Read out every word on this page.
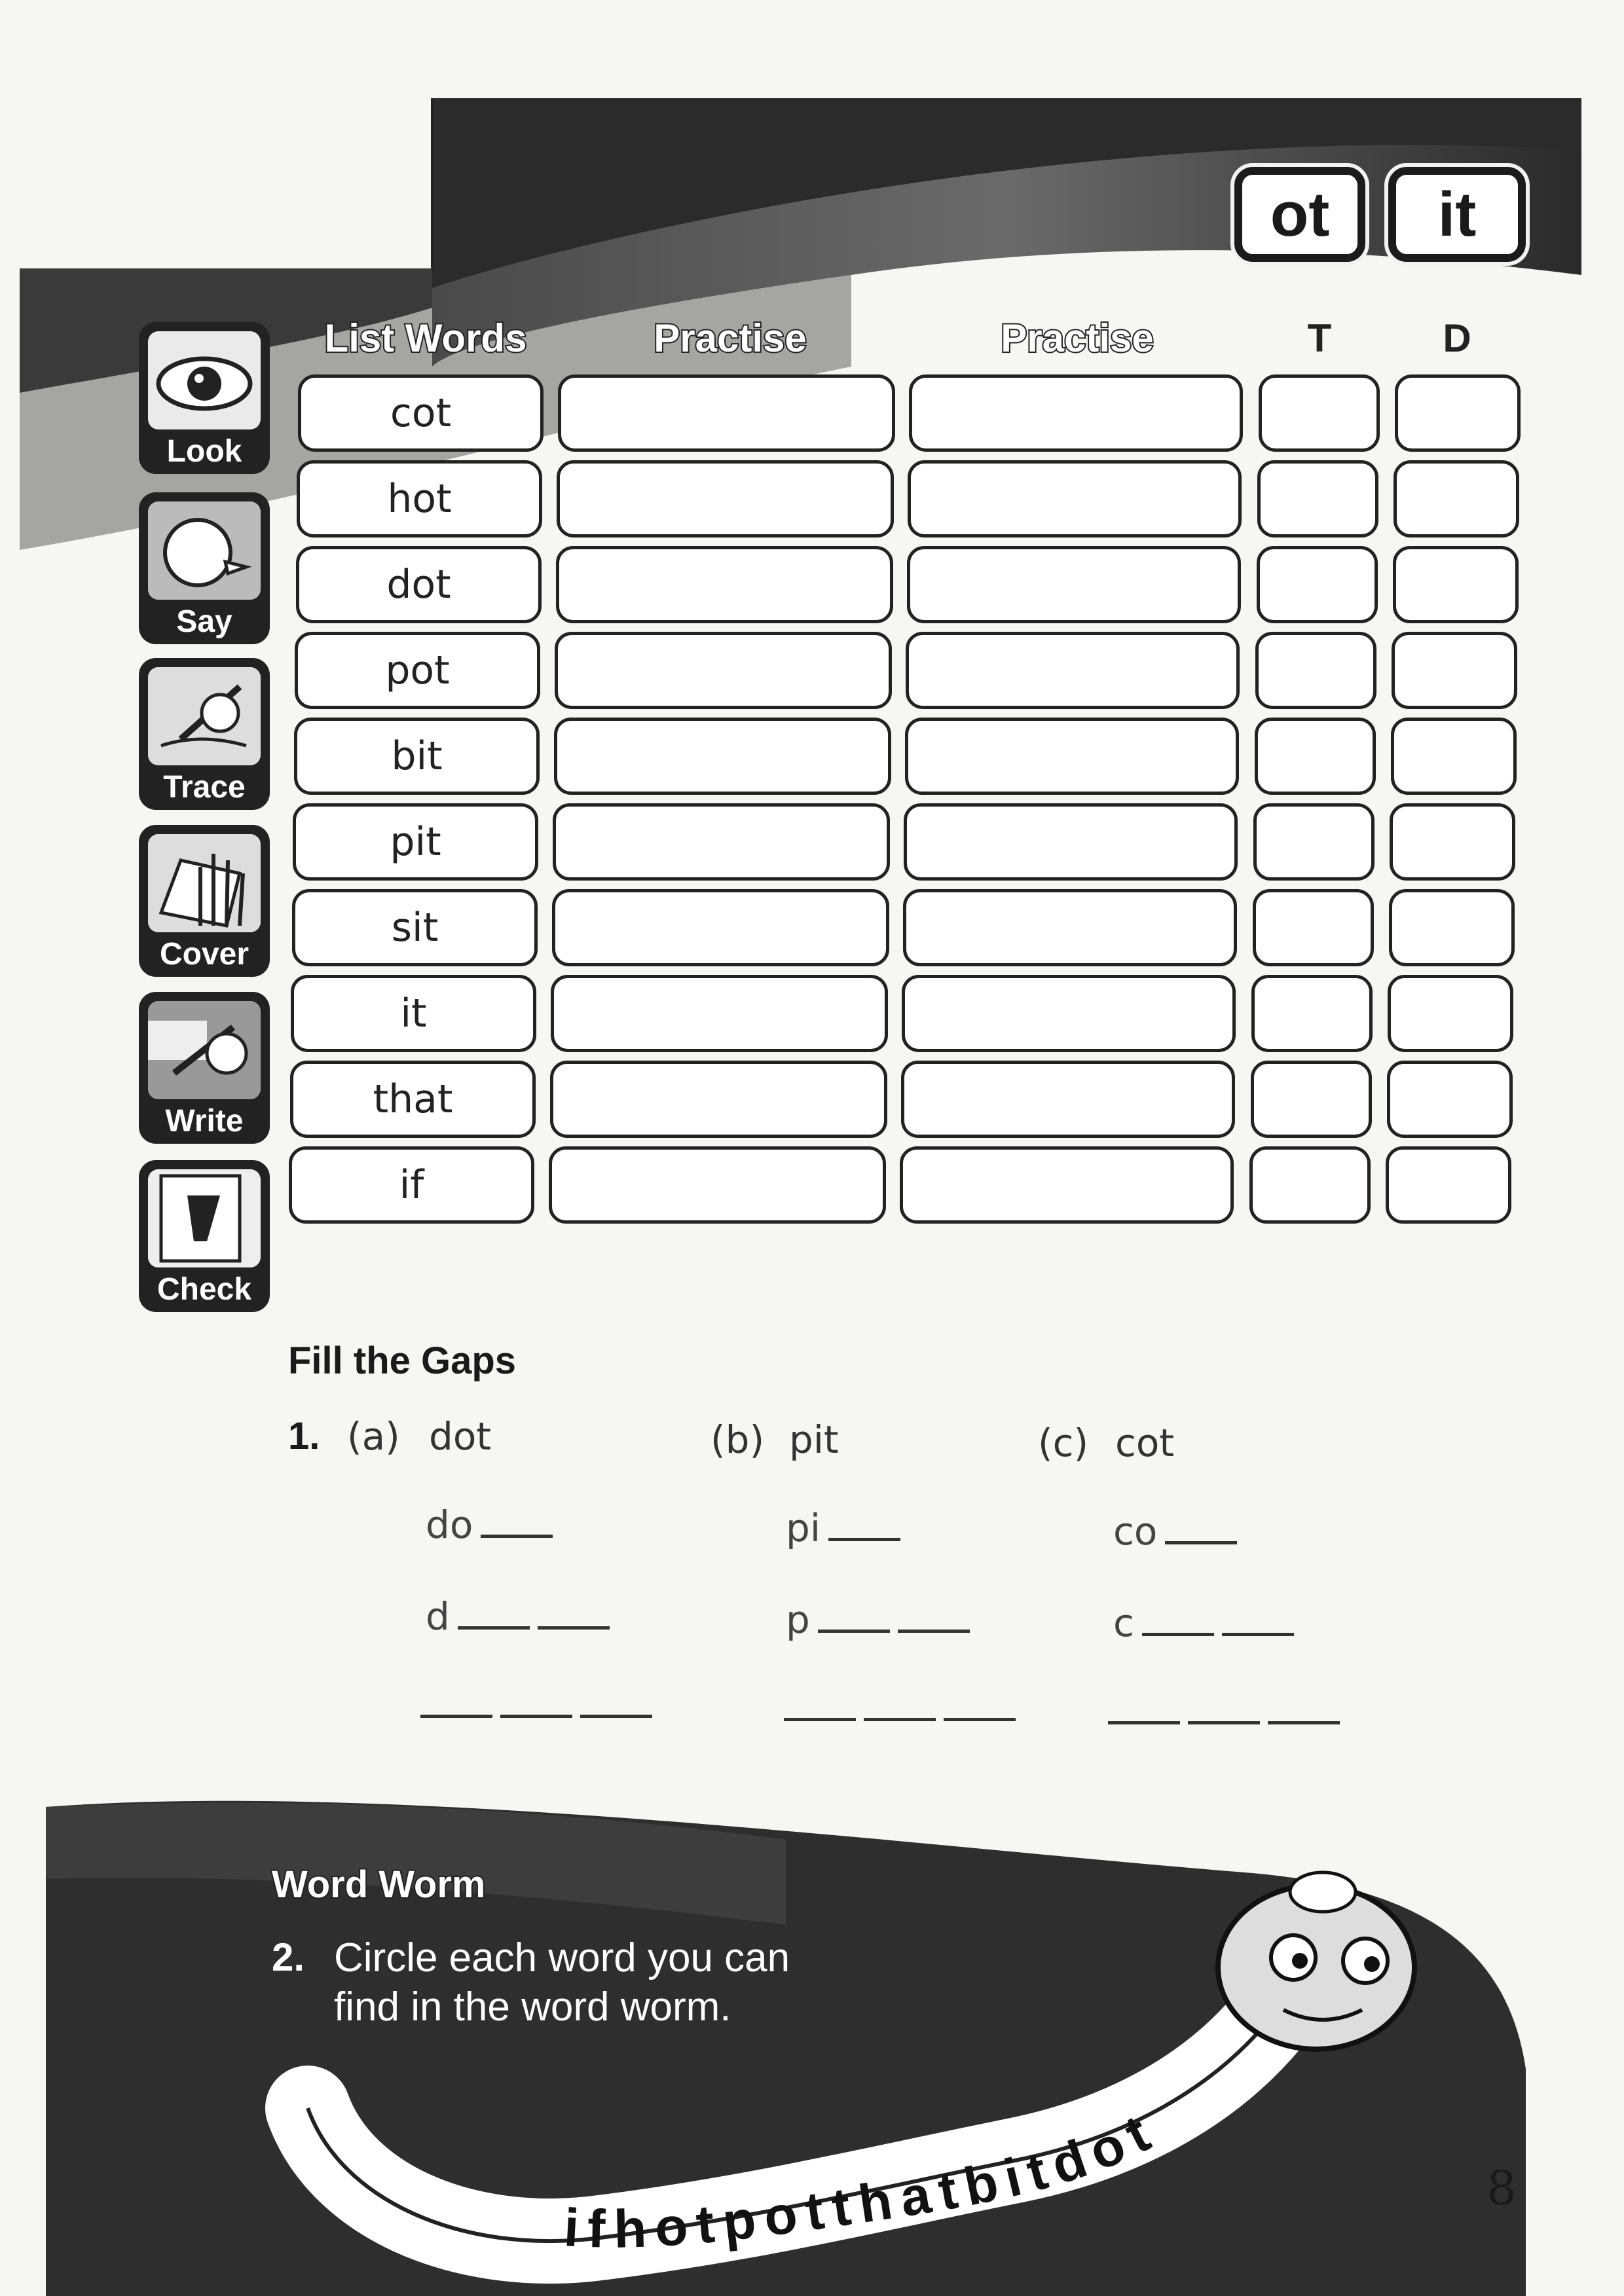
ot it
List Words	Practise	Practise	T	D
Look
Say
Trace
Cover
Write
Check
cot
hot
dot
pot
bit
pit
sit
it
that
if
Fill the Gaps
1. (a) dot	(b) pit	(c) cot
do	pi	co
d	p	c
Word Worm
2. Circle each word you can
find in the word worm.
ifhotpotthatbitdot
8
